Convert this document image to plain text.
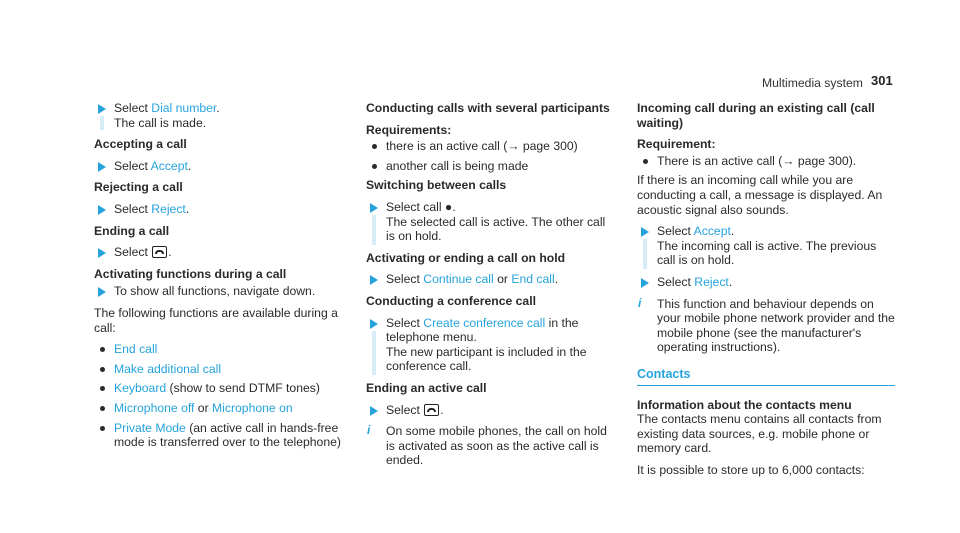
Multimedia system 301
Select Dial number.
The call is made.
Accepting a call
Select Accept.
Rejecting a call
Select Reject.
Ending a call
Select .
Activating functions during a call
To show all functions, navigate down.
The following functions are available during a call:
End call
Make additional call
Keyboard (show to send DTMF tones)
Microphone off or Microphone on
Private Mode (an active call in hands-free mode is transferred over to the telephone)
Conducting calls with several participants
Requirements:
there is an active call (→ page 300)
another call is being made
Switching between calls
Select call ●.
The selected call is active. The other call is on hold.
Activating or ending a call on hold
Select Continue call or End call.
Conducting a conference call
Select Create conference call in the telephone menu.
The new participant is included in the conference call.
Ending an active call
Select .
i	On some mobile phones, the call on hold is activated as soon as the active call is ended.
Incoming call during an existing call (call waiting)
Requirement:
There is an active call (→ page 300).
If there is an incoming call while you are conducting a call, a message is displayed. An acoustic signal also sounds.
Select Accept.
The incoming call is active. The previous call is on hold.
Select Reject.
i	This function and behaviour depends on your mobile phone network provider and the mobile phone (see the manufacturer's operating instructions).
Contacts
Information about the contacts menu
The contacts menu contains all contacts from existing data sources, e.g. mobile phone or memory card.
It is possible to store up to 6,000 contacts:
